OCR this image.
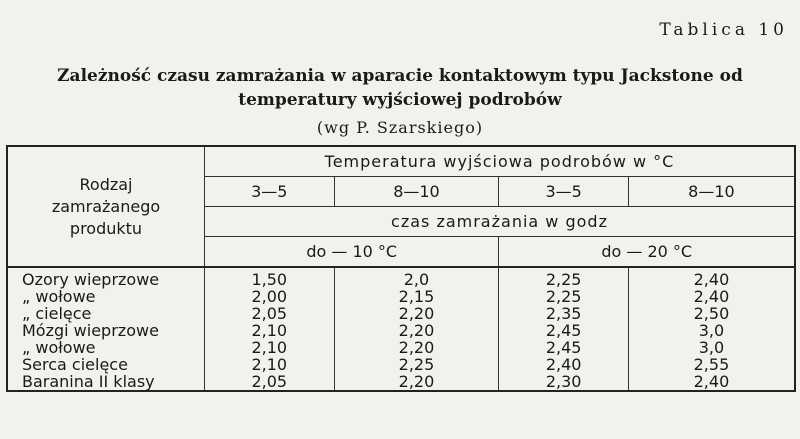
Tablica 10
Zależność czasu zamrażania w aparacie kontaktowym typu Jackstone od
temperatury wyjściowej podrobów
(wg P. Szarskiego)
Rodzaj
zamrażanego
produktu	Temperatura wyjściowa podrobów w °C			
	3—5	8—10	3—5	8—10
	czas zamrażania w godz			
	do — 10 °C		do — 20 °C	
Ozory wieprzowe	1,50	2,0	2,25	2,40
„ wołowe	2,00	2,15	2,25	2,40
„ cielęce	2,05	2,20	2,35	2,50
Mózgi wieprzowe	2,10	2,20	2,45	3,0
„ wołowe	2,10	2,20	2,45	3,0
Serca cielęce	2,10	2,25	2,40	2,55
Baranina II klasy	2,05	2,20	2,30	2,40
